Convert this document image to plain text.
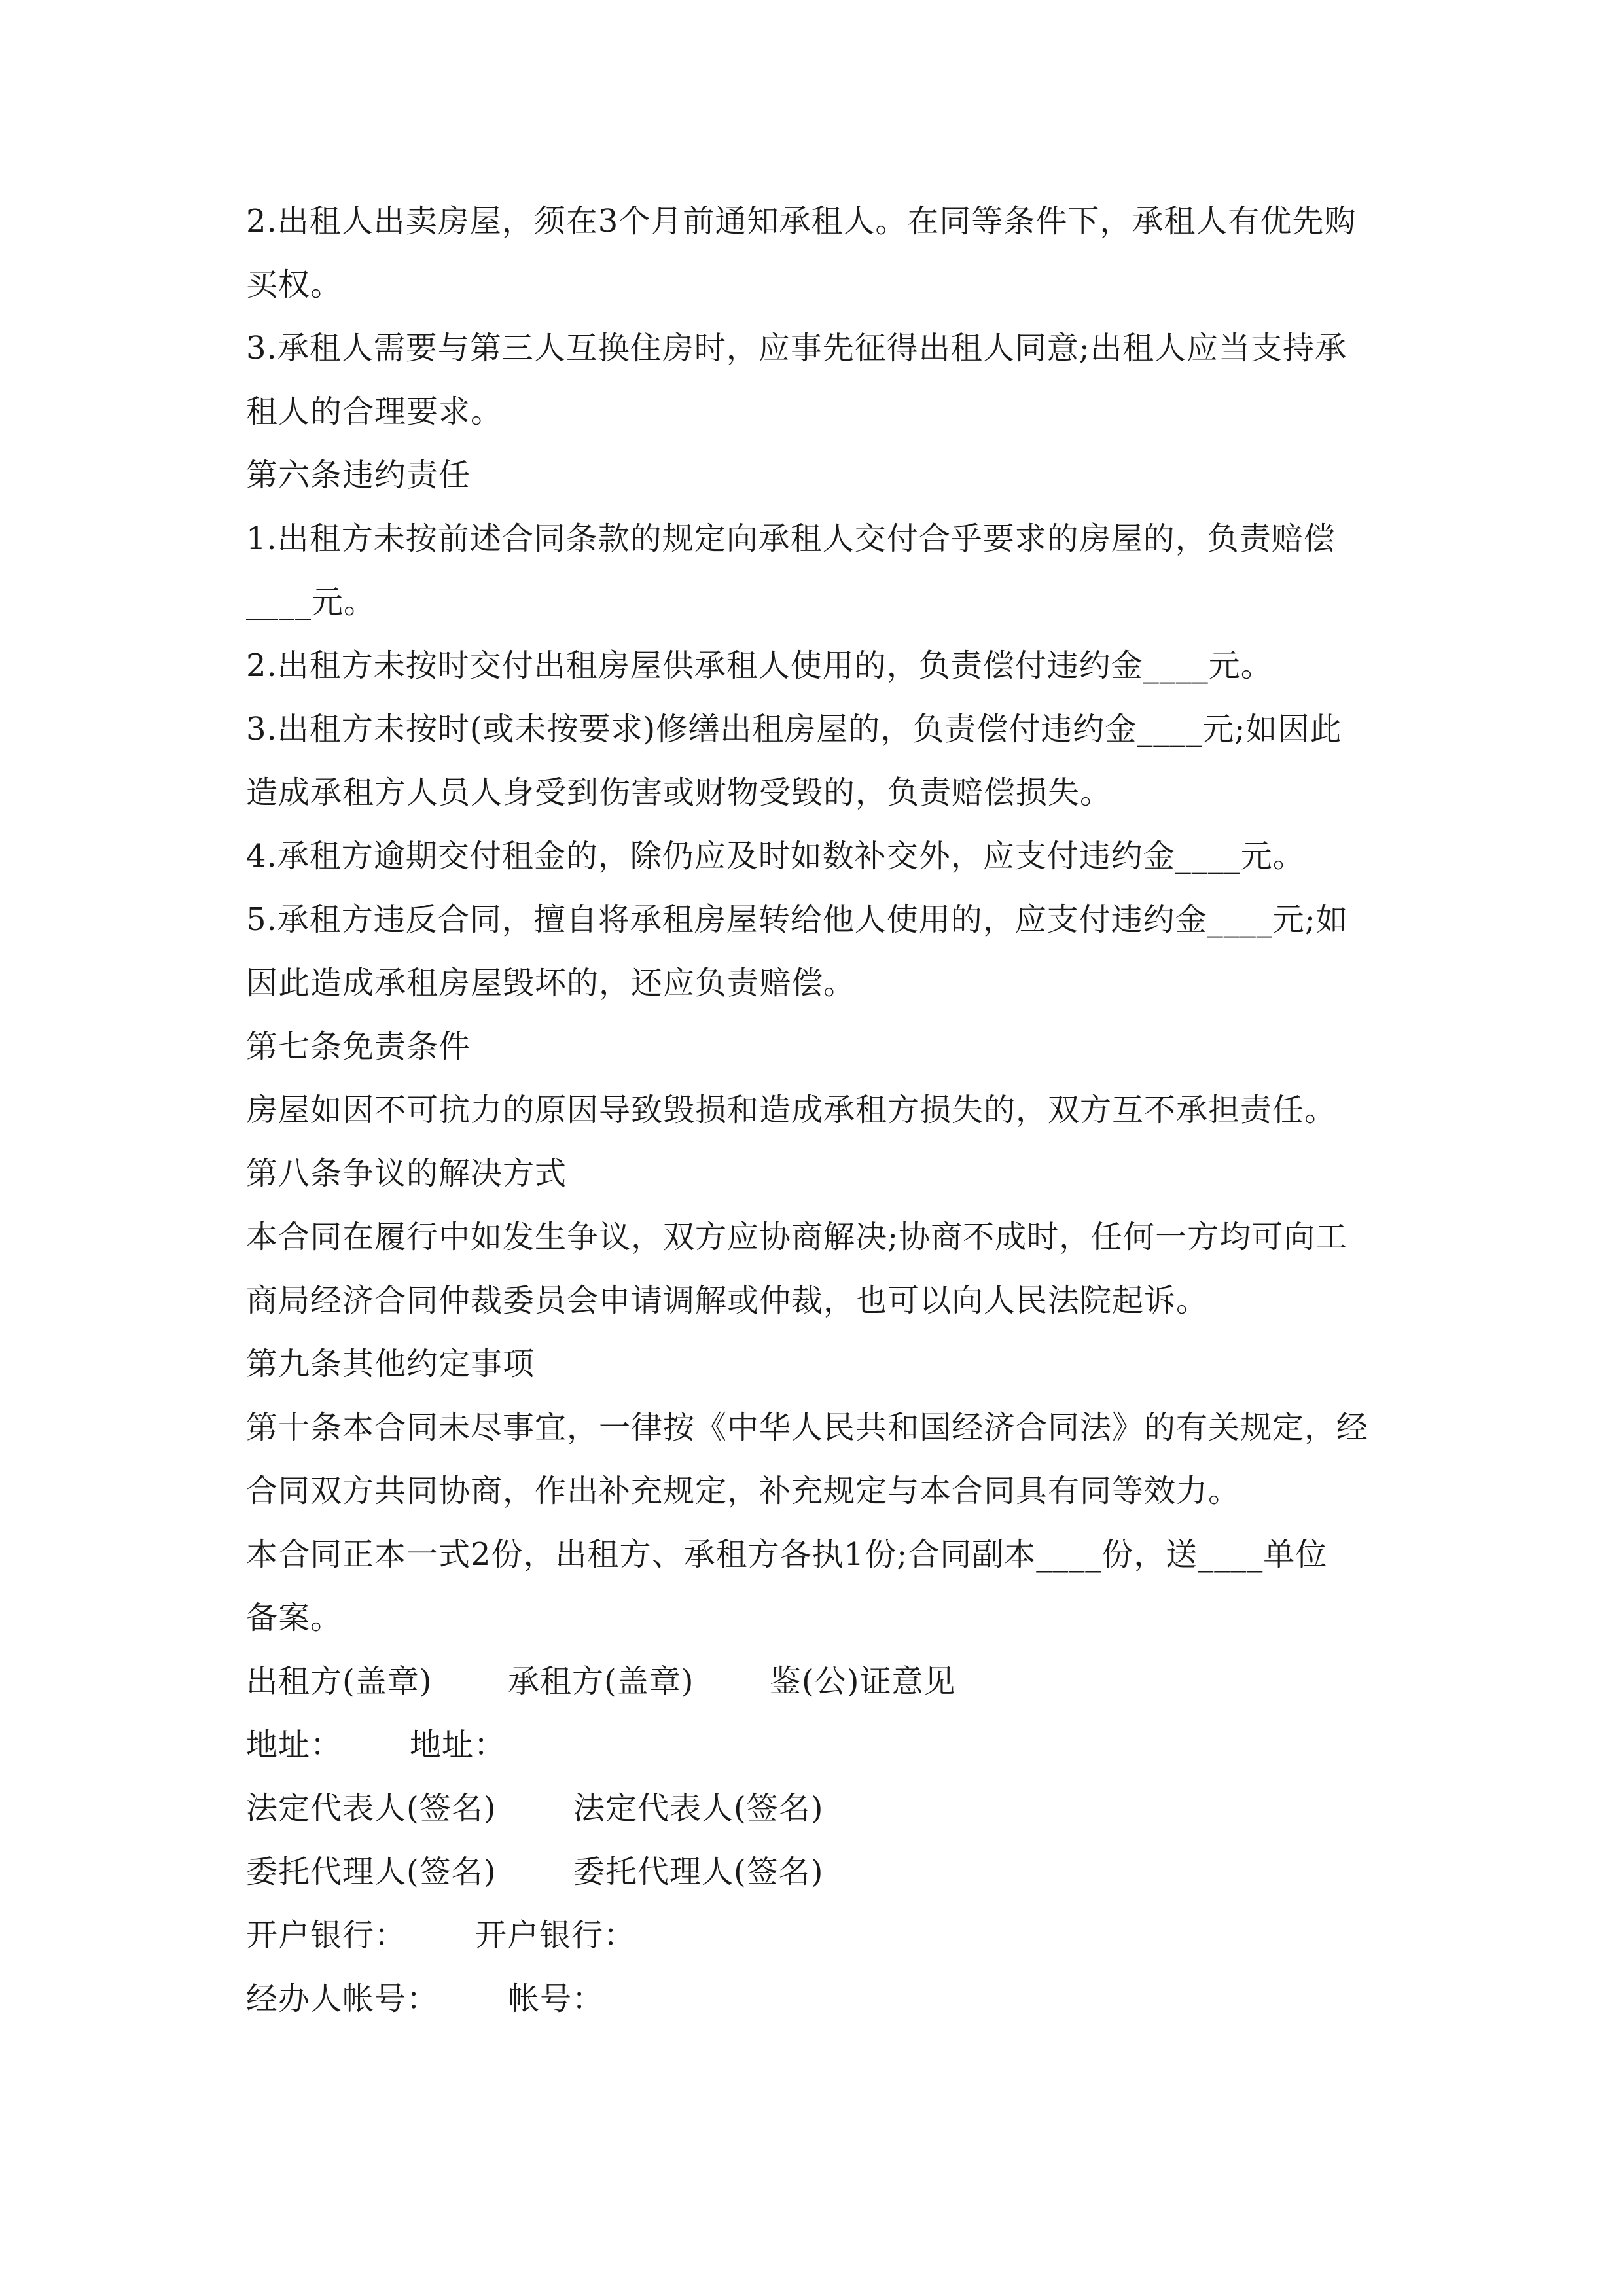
2.出租人出卖房屋，须在3个月前通知承租人。在同等条件下，承租人有优先购
买权。
3.承租人需要与第三人互换住房时，应事先征得出租人同意;出租人应当支持承
租人的合理要求。
第六条违约责任
1.出租方未按前述合同条款的规定向承租人交付合乎要求的房屋的，负责赔偿
____元。
2.出租方未按时交付出租房屋供承租人使用的，负责偿付违约金____元。
3.出租方未按时(或未按要求)修缮出租房屋的，负责偿付违约金____元;如因此
造成承租方人员人身受到伤害或财物受毁的，负责赔偿损失。
4.承租方逾期交付租金的，除仍应及时如数补交外，应支付违约金____元。
5.承租方违反合同，擅自将承租房屋转给他人使用的，应支付违约金____元;如
因此造成承租房屋毁坏的，还应负责赔偿。
第七条免责条件
房屋如因不可抗力的原因导致毁损和造成承租方损失的，双方互不承担责任。
第八条争议的解决方式
本合同在履行中如发生争议，双方应协商解决;协商不成时，任何一方均可向工
商局经济合同仲裁委员会申请调解或仲裁，也可以向人民法院起诉。
第九条其他约定事项
第十条本合同未尽事宜，一律按《中华人民共和国经济合同法》的有关规定，经
合同双方共同协商，作出补充规定，补充规定与本合同具有同等效力。
本合同正本一式2份，出租方、承租方各执1份;合同副本____份，送____单位
备案。
出租方(盖章) 承租方(盖章) 鉴(公)证意见
地址： 地址：
法定代表人(签名) 法定代表人(签名)
委托代理人(签名) 委托代理人(签名)
开户银行： 开户银行：
经办人帐号： 帐号：
